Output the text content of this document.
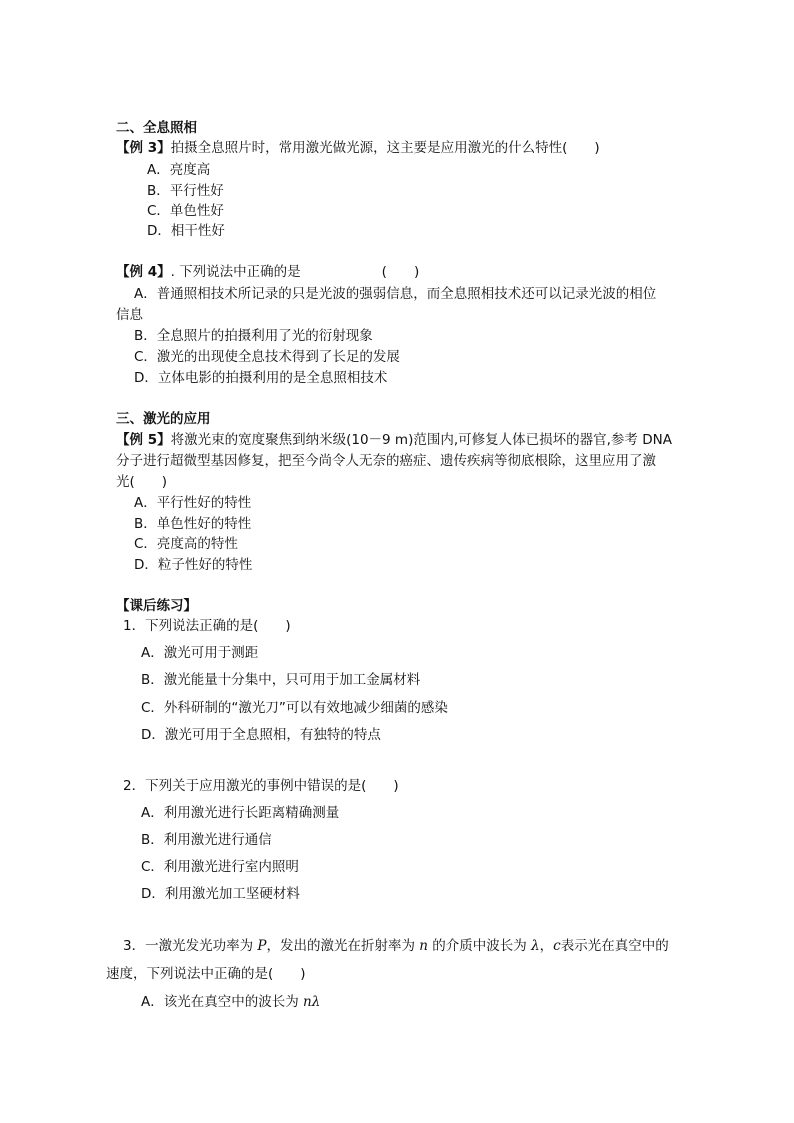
二、全息照相
【例 3】拍摄全息照片时，常用激光做光源，这主要是应用激光的什么特性(　　)
A．亮度高
B．平行性好
C．单色性好
D．相干性好
【例 4】. 下列说法中正确的是　　　　　　(　　)
A．普通照相技术所记录的只是光波的强弱信息，而全息照相技术还可以记录光波的相位
信息
B．全息照片的拍摄利用了光的衍射现象
C．激光的出现使全息技术得到了长足的发展
D．立体电影的拍摄利用的是全息照相技术
三、激光的应用
【例 5】将激光束的宽度聚焦到纳米级(10－9 m)范围内,可修复人体已损坏的器官,参考 DNA
分子进行超微型基因修复，把至今尚令人无奈的癌症、遗传疾病等彻底根除，这里应用了激
光(　　)
A．平行性好的特性
B．单色性好的特性
C．亮度高的特性
D．粒子性好的特性
【课后练习】
1．下列说法正确的是(　　)
A．激光可用于测距
B．激光能量十分集中，只可用于加工金属材料
C．外科研制的“激光刀”可以有效地减少细菌的感染
D．激光可用于全息照相，有独特的特点
2．下列关于应用激光的事例中错误的是(　　)
A．利用激光进行长距离精确测量
B．利用激光进行通信
C．利用激光进行室内照明
D．利用激光加工坚硬材料
3．一激光发光功率为 P，发出的激光在折射率为 n 的介质中波长为 λ，c表示光在真空中的
速度，下列说法中正确的是(　　)
A．该光在真空中的波长为 nλ
